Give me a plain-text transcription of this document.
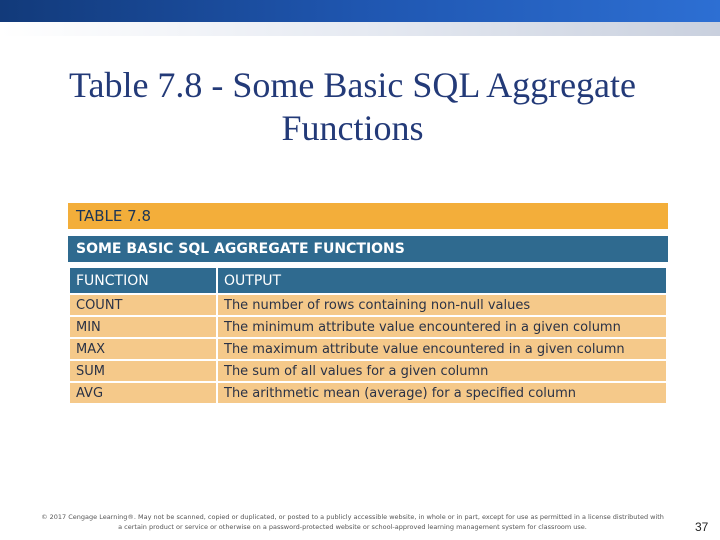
Table 7.8 - Some Basic SQL Aggregate Functions
TABLE 7.8
SOME BASIC SQL AGGREGATE FUNCTIONS
FUNCTION	OUTPUT
COUNT	The number of rows containing non-null values
MIN	The minimum attribute value encountered in a given column
MAX	The maximum attribute value encountered in a given column
SUM	The sum of all values for a given column
AVG	The arithmetic mean (average) for a specified column
© 2017 Cengage Learning®. May not be scanned, copied or duplicated, or posted to a publicly accessible website, in whole or in part, except for use as permitted in a license distributed with a certain product or service or otherwise on a password-protected website or school-approved learning management system for classroom use.	37
